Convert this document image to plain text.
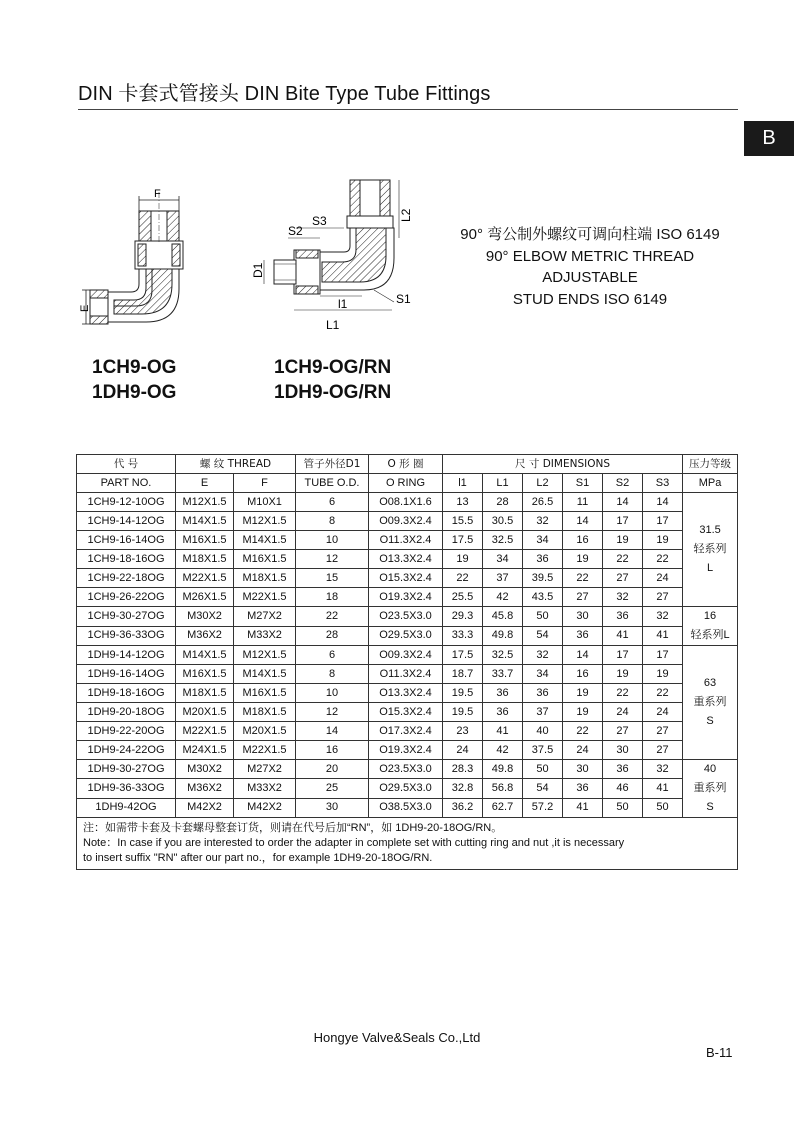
DIN 卡套式管接头 DIN Bite Type Tube Fittings
B
F
E
S3
S2
L2
D1
S1
l1
L1
1CH9-OG
1DH9-OG
1CH9-OG/RN
1DH9-OG/RN
90° 弯公制外螺纹可调向柱端 ISO 6149
90° ELBOW METRIC THREAD
ADJUSTABLE
STUD ENDS ISO 6149
代 号	螺 纹 THREAD		管子外径D1	O 形 圈	尺 寸 DIMENSIONS						压力等级
PART NO.	E	F	TUBE O.D.	O RING	l1	L1	L2	S1	S2	S3	MPa
1CH9-12-10OG	M12X1.5	M10X1	6	O08.1X1.6	13	28	26.5	11	14	14	31.5
轻系列
L

1CH9-14-12OG	M14X1.5	M12X1.5	8	O09.3X2.4	15.5	30.5	32	14	17	17	
1CH9-16-14OG	M16X1.5	M14X1.5	10	O11.3X2.4	17.5	32.5	34	16	19	19	
1CH9-18-16OG	M18X1.5	M16X1.5	12	O13.3X2.4	19	34	36	19	22	22	
1CH9-22-18OG	M22X1.5	M18X1.5	15	O15.3X2.4	22	37	39.5	22	27	24	
1CH9-26-22OG	M26X1.5	M22X1.5	18	O19.3X2.4	25.5	42	43.5	27	32	27	
1CH9-30-27OG	M30X2	M27X2	22	O23.5X3.0	29.3	45.8	50	30	36	32	16
轻系列L

1CH9-36-33OG	M36X2	M33X2	28	O29.5X3.0	33.3	49.8	54	36	41	41	
1DH9-14-12OG	M14X1.5	M12X1.5	6	O09.3X2.4	17.5	32.5	32	14	17	17	63
重系列
S

1DH9-16-14OG	M16X1.5	M14X1.5	8	O11.3X2.4	18.7	33.7	34	16	19	19	
1DH9-18-16OG	M18X1.5	M16X1.5	10	O13.3X2.4	19.5	36	36	19	22	22	
1DH9-20-18OG	M20X1.5	M18X1.5	12	O15.3X2.4	19.5	36	37	19	24	24	
1DH9-22-20OG	M22X1.5	M20X1.5	14	O17.3X2.4	23	41	40	22	27	27	
1DH9-24-22OG	M24X1.5	M22X1.5	16	O19.3X2.4	24	42	37.5	24	30	27	
1DH9-30-27OG	M30X2	M27X2	20	O23.5X3.0	28.3	49.8	50	30	36	32	40
重系列
S

1DH9-36-33OG	M36X2	M33X2	25	O29.5X3.0	32.8	56.8	54	36	46	41	
1DH9-42OG	M42X2	M42X2	30	O38.5X3.0	36.2	62.7	57.2	41	50	50	

注：如需带卡套及卡套螺母整套订货，则请在代号后加“RN”，如 1DH9-20-18OG/RN。
Note：In case if you are interested to order the adapter in complete set with cutting ring and nut ,it is necessary
to insert suffix "RN" after our part no.，for example 1DH9-20-18OG/RN.											
Hongye Valve&Seals Co.,Ltd
B-11
